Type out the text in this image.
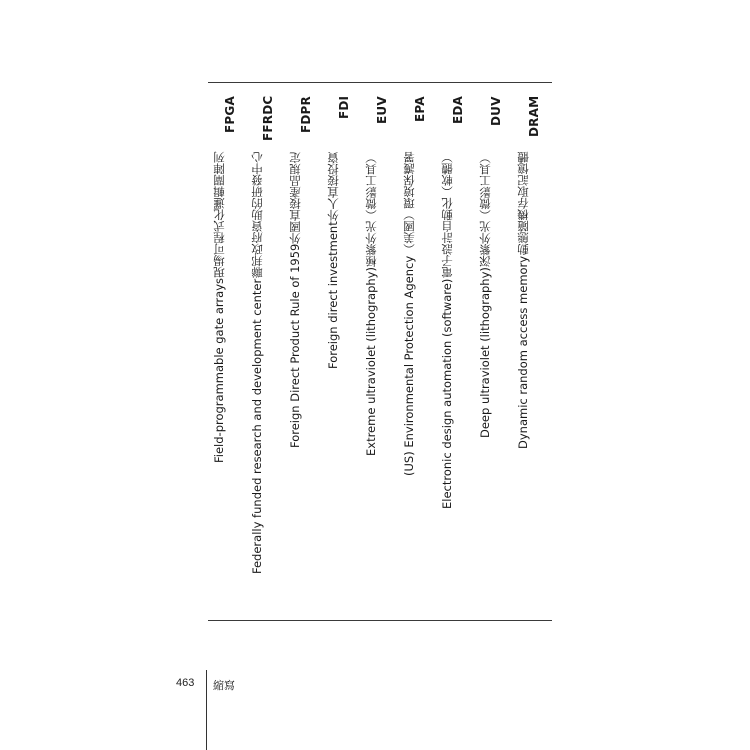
DRAM
Dynamic random access memory
動態隨機存取記憶體
DUV
Deep ultraviolet (lithography)
深紫外光（微影工具）
EDA
Electronic design automation (software)
電子設計自動化（軟體）
EPA
(US) Environmental Protection Agency
（美國）環境保護署
EUV
Extreme ultraviolet (lithography)
極紫外光（微影工具）
FDI
Foreign direct investment
外人直接投資
FDPR
Foreign Direct Product Rule of 1959
外國直接產品規定
FFRDC
Federally funded research and development center
聯邦政府資助的研發中心
FPGA
Field-programmable gate arrays
現場可程式化邏輯閘陣列
463 縮寫
